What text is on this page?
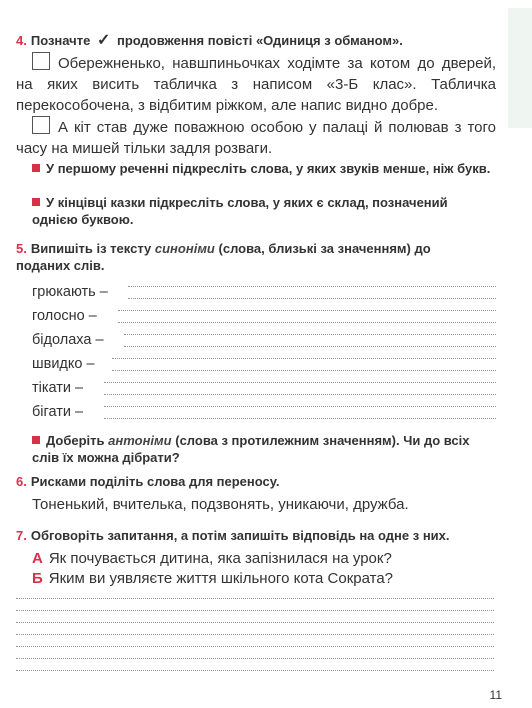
4. Позначте ✓ продовження повісті «Одиниця з обманом».
Обережненько, навшпиньочках ходімте за котом до дверей, на яких висить табличка з написом «3-Б клас». Табличка перекособочена, з відбитим ріжком, але напис видно добре.
А кіт став дуже поважною особою у палаці й полював з того часу на мишей тільки задля розваги.
У першому реченні підкресліть слова, у яких звуків менше, ніж букв.
У кінцівці казки підкресліть слова, у яких є склад, позначений однією буквою.
5. Випишіть із тексту синоніми (слова, близькі за значенням) до поданих слів.
грюкають –
голосно –
бідолаха –
швидко –
тікати –
бігати –
Доберіть антоніми (слова з протилежним значенням). Чи до всіх слів їх можна дібрати?
6. Рисками поділіть слова для переносу.
Тоненький, вчителька, подзвонять, уникаючи, дружба.
7. Обговоріть запитання, а потім запишіть відповідь на одне з них.
А Як почувається дитина, яка запізнилася на урок?
Б Яким ви уявляєте життя шкільного кота Сократа?
11
